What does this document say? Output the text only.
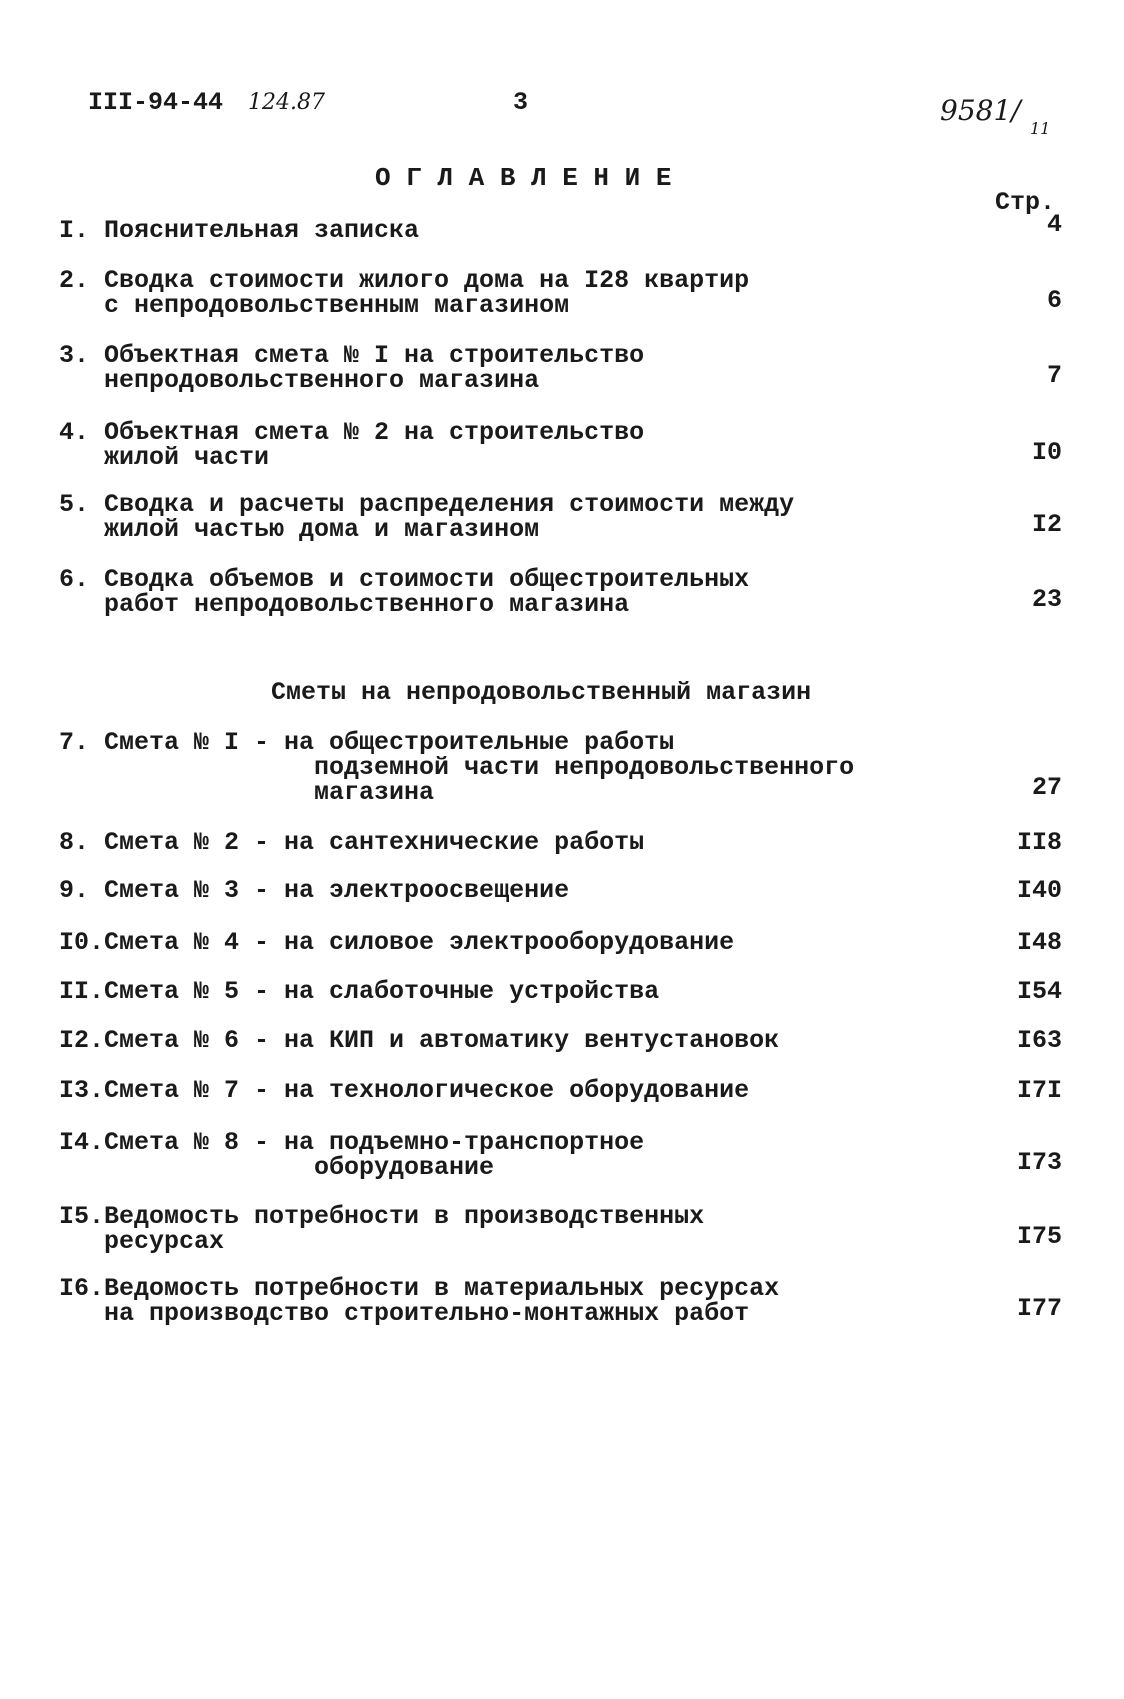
III-94-44 124.87	3	9581/
11
О Г Л А В Л Е Н И Е
Стр.
I. Пояснительная записка	4
2. Сводка стоимости жилого дома на I28 квартир
с непродовольственным магазином	6
3. Объектная смета № I на строительство
непродовольственного магазина	7
4. Объектная смета № 2 на строительство
жилой части	I0
5. Сводка и расчеты распределения стоимости между
жилой частью дома и магазином	I2
6. Сводка объемов и стоимости общестроительных
работ непродовольственного магазина	23
7. Смета № I - на общестроительные работы
подземной части непродовольственного
магазина	27
8. Смета № 2 - на сантехнические работы	II8
9. Смета № 3 - на электроосвещение	I40
I0. Смета № 4 - на силовое электрооборудование	I48
II. Смета № 5 - на слаботочные устройства	I54
I2. Смета № 6 - на КИП и автоматику вентустановок	I63
I3. Смета № 7 - на технологическое оборудование	I7I
I4. Смета № 8 - на подъемно-транспортное
оборудование	I73
I5. Ведомость потребности в производственных
ресурсах	I75
I6. Ведомость потребности в материальных ресурсах
на производство строительно-монтажных работ	I77
Сметы на непродовольственный магазин
